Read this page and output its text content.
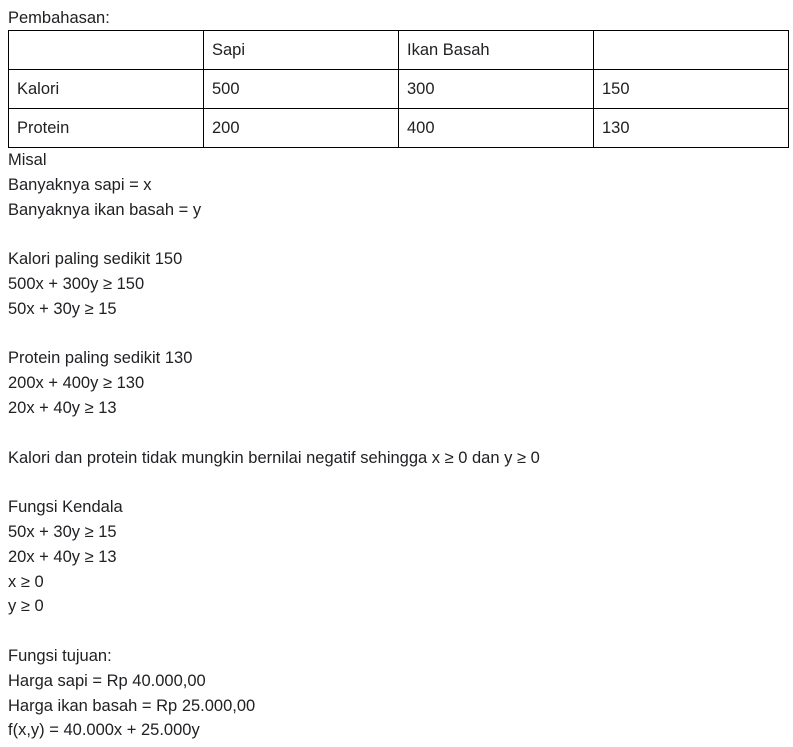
Pembahasan:
	Sapi	Ikan Basah	
Kalori	500	300	150
Protein	200	400	130
Misal
Banyaknya sapi = x
Banyaknya ikan basah = y
Kalori paling sedikit 150
500x + 300y ≥ 150
50x + 30y ≥ 15
Protein paling sedikit 130
200x + 400y ≥ 130
20x + 40y ≥ 13
Kalori dan protein tidak mungkin bernilai negatif sehingga x ≥ 0 dan y ≥ 0
Fungsi Kendala
50x + 30y ≥ 15
20x + 40y ≥ 13
x ≥ 0
y ≥ 0
Fungsi tujuan:
Harga sapi = Rp 40.000,00
Harga ikan basah = Rp 25.000,00
f(x,y) = 40.000x + 25.000y
